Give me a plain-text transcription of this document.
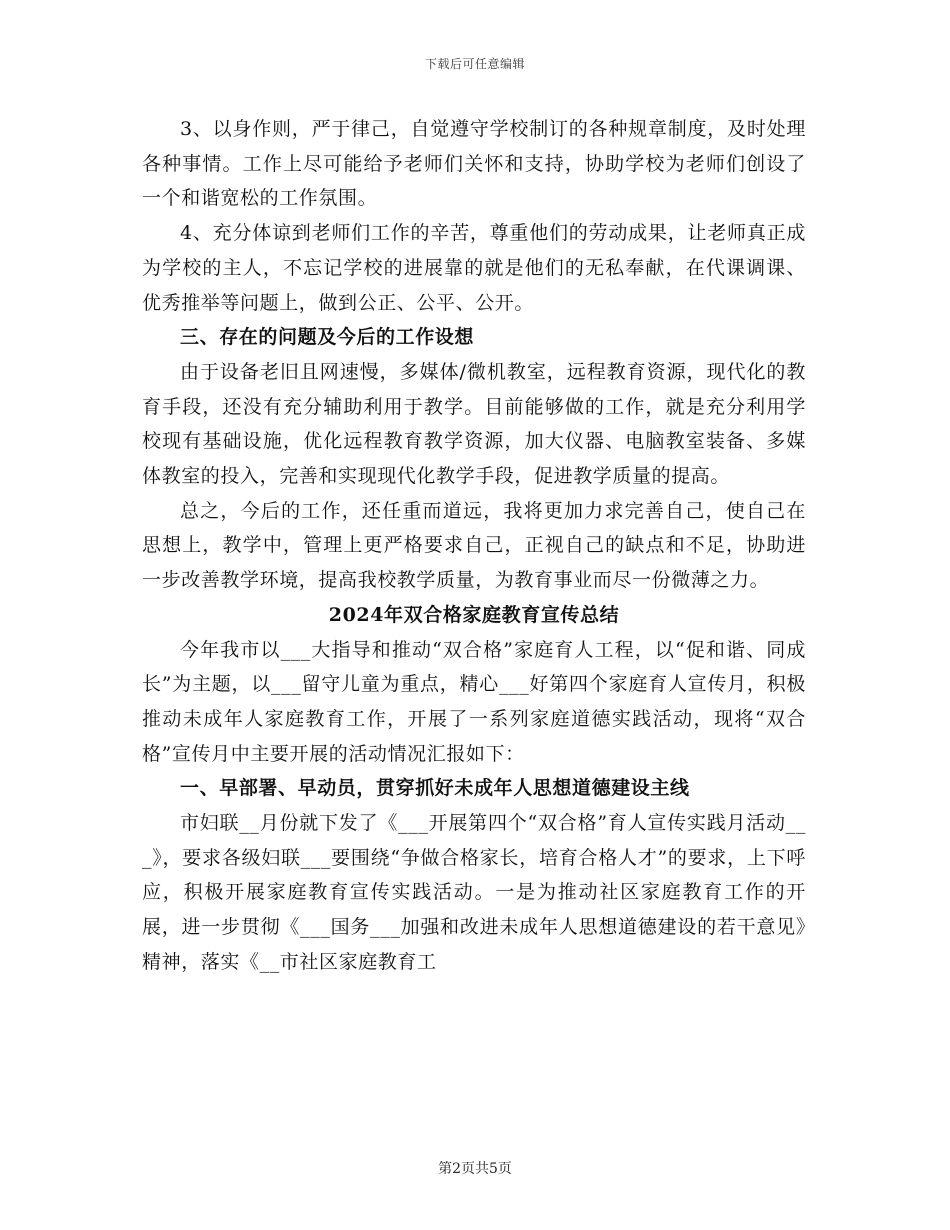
下载后可任意编辑

3、以身作则，严于律己，自觉遵守学校制订的各种规章制度，及时处理各种事情。工作上尽可能给予老师们关怀和支持，协助学校为老师们创设了一个和谐宽松的工作氛围。

4、充分体谅到老师们工作的辛苦，尊重他们的劳动成果，让老师真正成为学校的主人，不忘记学校的进展靠的就是他们的无私奉献，在代课调课、优秀推举等问题上，做到公正、公平、公开。

三、存在的问题及今后的工作设想

由于设备老旧且网速慢，多媒体/微机教室，远程教育资源，现代化的教育手段，还没有充分辅助利用于教学。目前能够做的工作，就是充分利用学校现有基础设施，优化远程教育教学资源，加大仪器、电脑教室装备、多媒体教室的投入，完善和实现现代化教学手段，促进教学质量的提高。

总之，今后的工作，还任重而道远，我将更加力求完善自己，使自己在思想上，教学中，管理上更严格要求自己，正视自己的缺点和不足，协助进一步改善教学环境，提高我校教学质量，为教育事业而尽一份微薄之力。

2024年双合格家庭教育宣传总结

今年我市以___大指导和推动“双合格”家庭育人工程，以“促和谐、同成长”为主题，以___留守儿童为重点，精心___好第四个家庭育人宣传月，积极推动未成年人家庭教育工作，开展了一系列家庭道德实践活动，现将“双合格”宣传月中主要开展的活动情况汇报如下：

一、早部署、早动员，贯穿抓好未成年人思想道德建设主线

市妇联__月份就下发了《___开展第四个“双合格”育人宣传实践月活动___》，要求各级妇联___要围绕“争做合格家长，培育合格人才”的要求，上下呼应，积极开展家庭教育宣传实践活动。一是为推动社区家庭教育工作的开展，进一步贯彻《___国务___加强和改进未成年人思想道德建设的若干意见》精神，落实《__市社区家庭教育工

第2页共5页
